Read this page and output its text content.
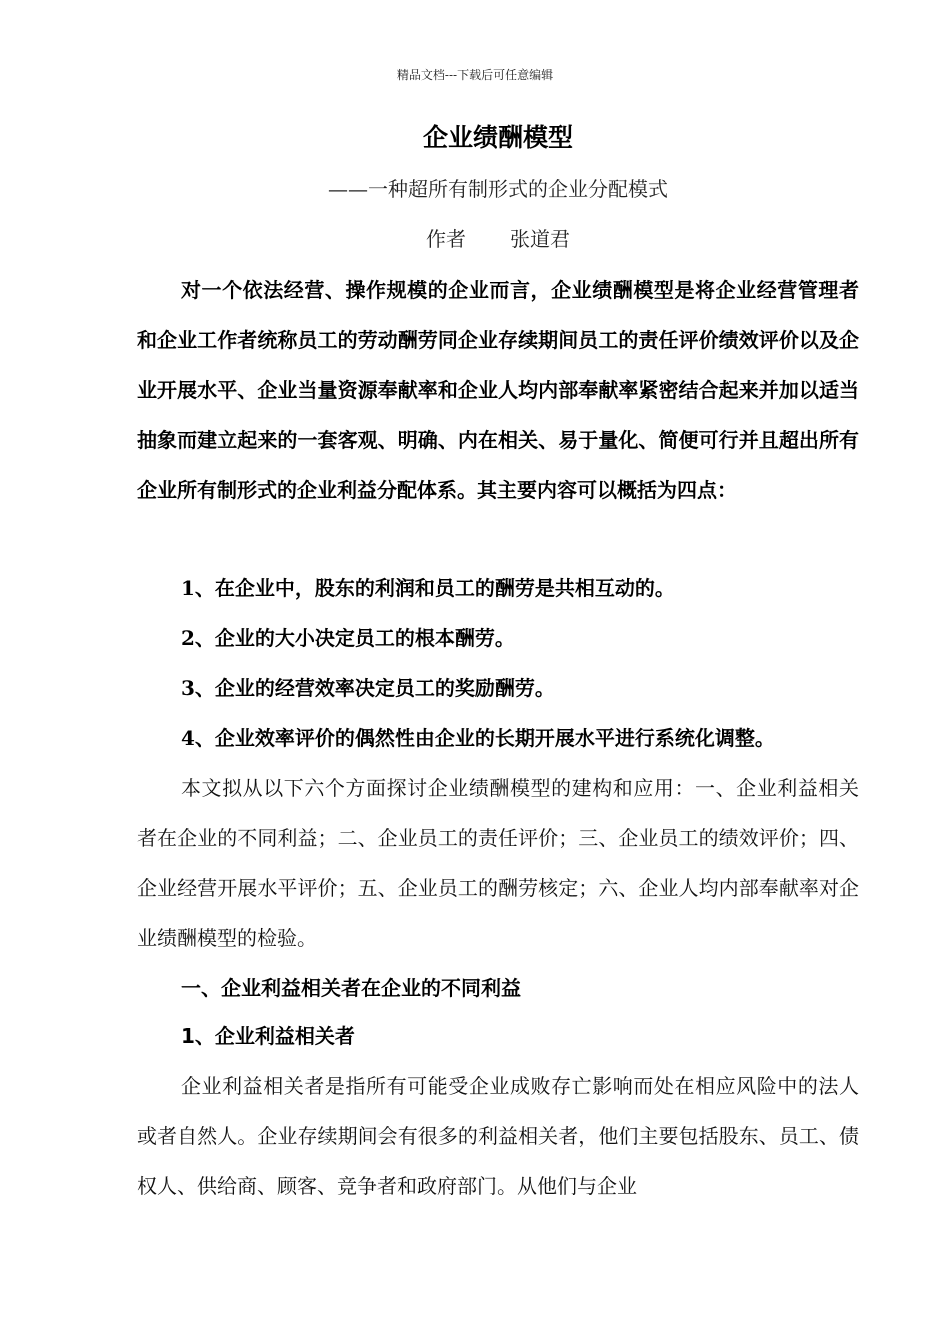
精品文档---下载后可任意编辑
企业绩酬模型
——一种超所有制形式的企业分配模式
作者 张道君
对一个依法经营、操作规模的企业而言，企业绩酬模型是将企业经营管理者和企业工作者统称员工的劳动酬劳同企业存续期间员工的责任评价绩效评价以及企业开展水平、企业当量资源奉献率和企业人均内部奉献率紧密结合起来并加以适当抽象而建立起来的一套客观、明确、内在相关、易于量化、简便可行并且超出所有企业所有制形式的企业利益分配体系。其主要内容可以概括为四点：
1、在企业中，股东的利润和员工的酬劳是共相互动的。
2、企业的大小决定员工的根本酬劳。
3、企业的经营效率决定员工的奖励酬劳。
4、企业效率评价的偶然性由企业的长期开展水平进行系统化调整。
本文拟从以下六个方面探讨企业绩酬模型的建构和应用：一、企业利益相关者在企业的不同利益；二、企业员工的责任评价；三、企业员工的绩效评价；四、企业经营开展水平评价；五、企业员工的酬劳核定；六、企业人均内部奉献率对企业绩酬模型的检验。
一、企业利益相关者在企业的不同利益
1、企业利益相关者
企业利益相关者是指所有可能受企业成败存亡影响而处在相应风险中的法人或者自然人。企业存续期间会有很多的利益相关者，他们主要包括股东、员工、债权人、供给商、顾客、竞争者和政府部门。从他们与企业
